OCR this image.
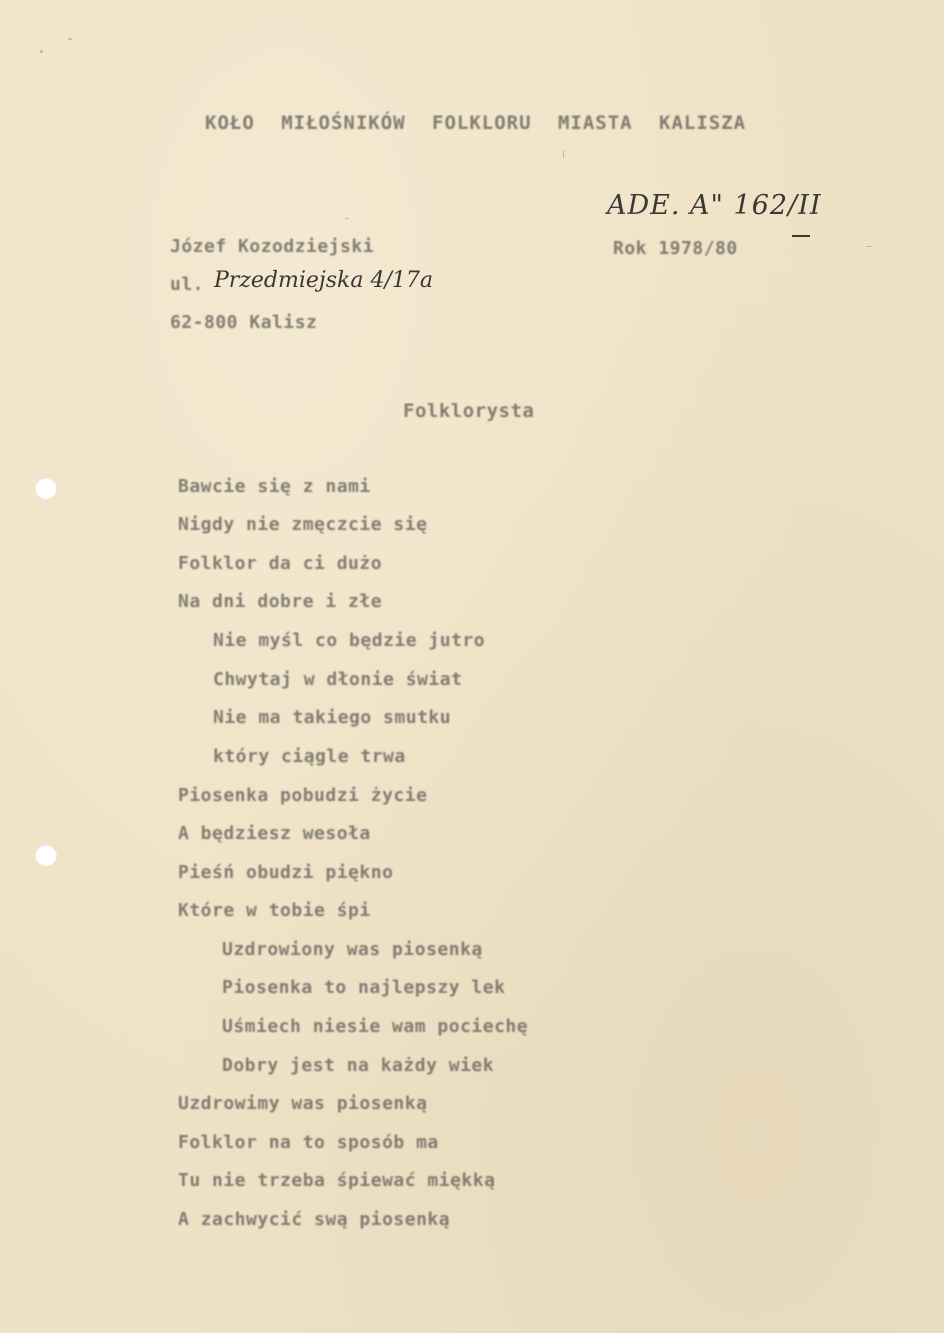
KOŁO MIŁOŚNIKÓW FOLKLORU MIASTA KALISZA
ADE. A" 162/II
Józef Kozodziejski	Rok 1978/80
ul. Przedmiejska 4/17a
62-800 Kalisz
Folklorysta
Bawcie się z nami
Nigdy nie zmęczcie się
Folklor da ci dużo
Na dni dobre i złe
Nie myśl co będzie jutro
Chwytaj w dłonie świat
Nie ma takiego smutku
który ciągle trwa
Piosenka pobudzi życie
A będziesz wesoła
Pieśń obudzi piękno
Które w tobie śpi
Uzdrowiony was piosenką
Piosenka to najlepszy lek
Uśmiech niesie wam pociechę
Dobry jest na każdy wiek
Uzdrowimy was piosenką
Folklor na to sposób ma
Tu nie trzeba śpiewać miękką
A zachwycić swą piosenką
